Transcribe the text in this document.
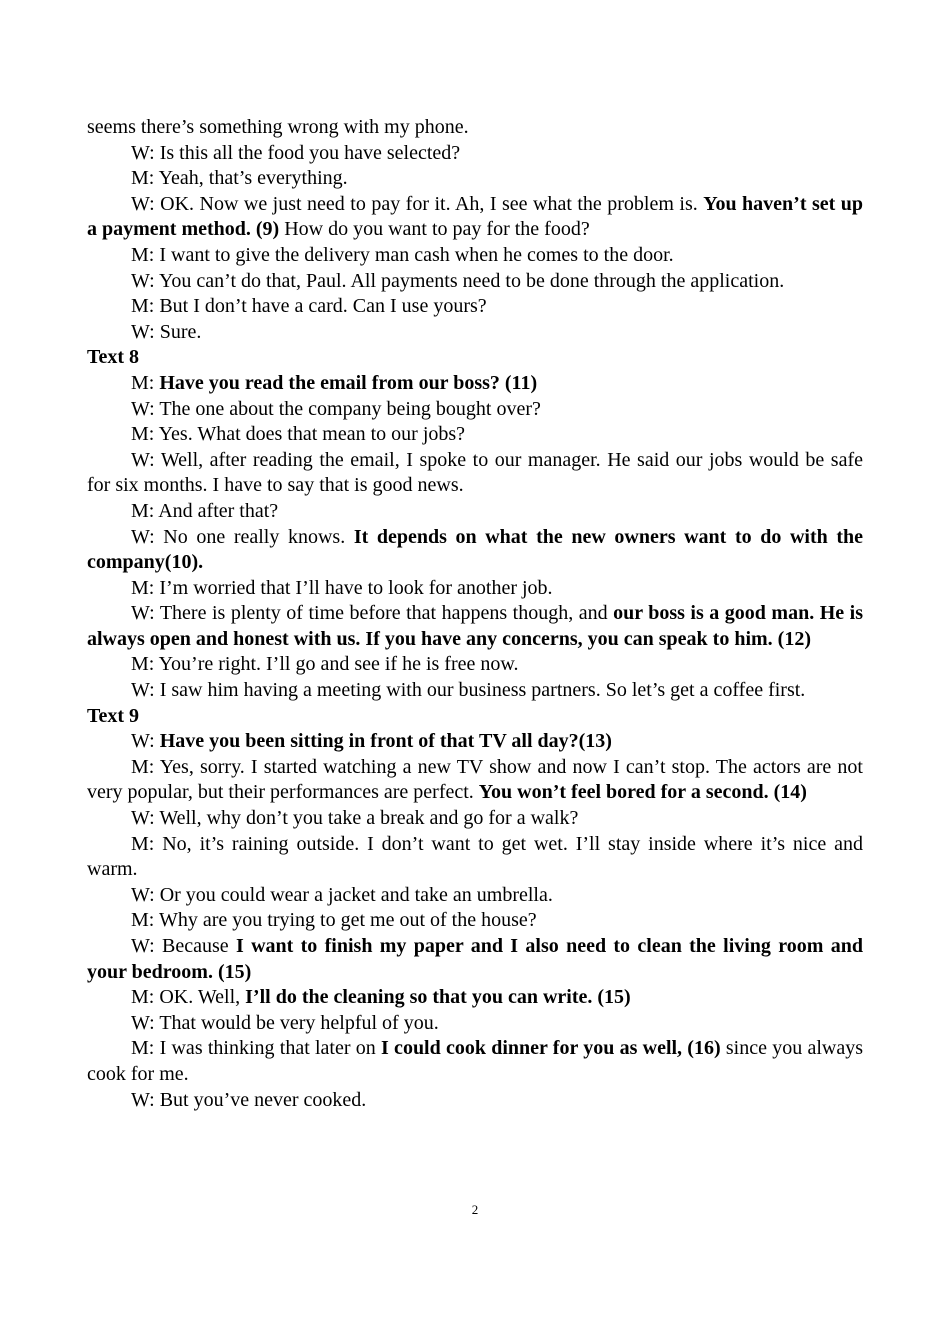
seems there’s something wrong with my phone.

W: Is this all the food you have selected?

M: Yeah, that’s everything.

W: OK. Now we just need to pay for it. Ah, I see what the problem is. You haven’t set up a payment method. (9) How do you want to pay for the food?

M: I want to give the delivery man cash when he comes to the door.

W: You can’t do that, Paul. All payments need to be done through the application.

M: But I don’t have a card. Can I use yours?

W: Sure.

Text 8

M: Have you read the email from our boss? (11)

W: The one about the company being bought over?

M: Yes. What does that mean to our jobs?

W: Well, after reading the email, I spoke to our manager. He said our jobs would be safe for six months. I have to say that is good news.

M: And after that?

W: No one really knows. It depends on what the new owners want to do with the company(10).

M: I’m worried that I’ll have to look for another job.

W: There is plenty of time before that happens though, and our boss is a good man. He is always open and honest with us. If you have any concerns, you can speak to him. (12)

M: You’re right. I’ll go and see if he is free now.

W: I saw him having a meeting with our business partners. So let’s get a coffee first.

Text 9

W: Have you been sitting in front of that TV all day?(13)

M: Yes, sorry. I started watching a new TV show and now I can’t stop. The actors are not very popular, but their performances are perfect. You won’t feel bored for a second. (14)

W: Well, why don’t you take a break and go for a walk?

M: No, it’s raining outside. I don’t want to get wet. I’ll stay inside where it’s nice and warm.

W: Or you could wear a jacket and take an umbrella.

M: Why are you trying to get me out of the house?

W: Because I want to finish my paper and I also need to clean the living room and your bedroom. (15)

M: OK. Well, I’ll do the cleaning so that you can write. (15)

W: That would be very helpful of you.

M: I was thinking that later on I could cook dinner for you as well, (16) since you always cook for me.

W: But you’ve never cooked.

2
